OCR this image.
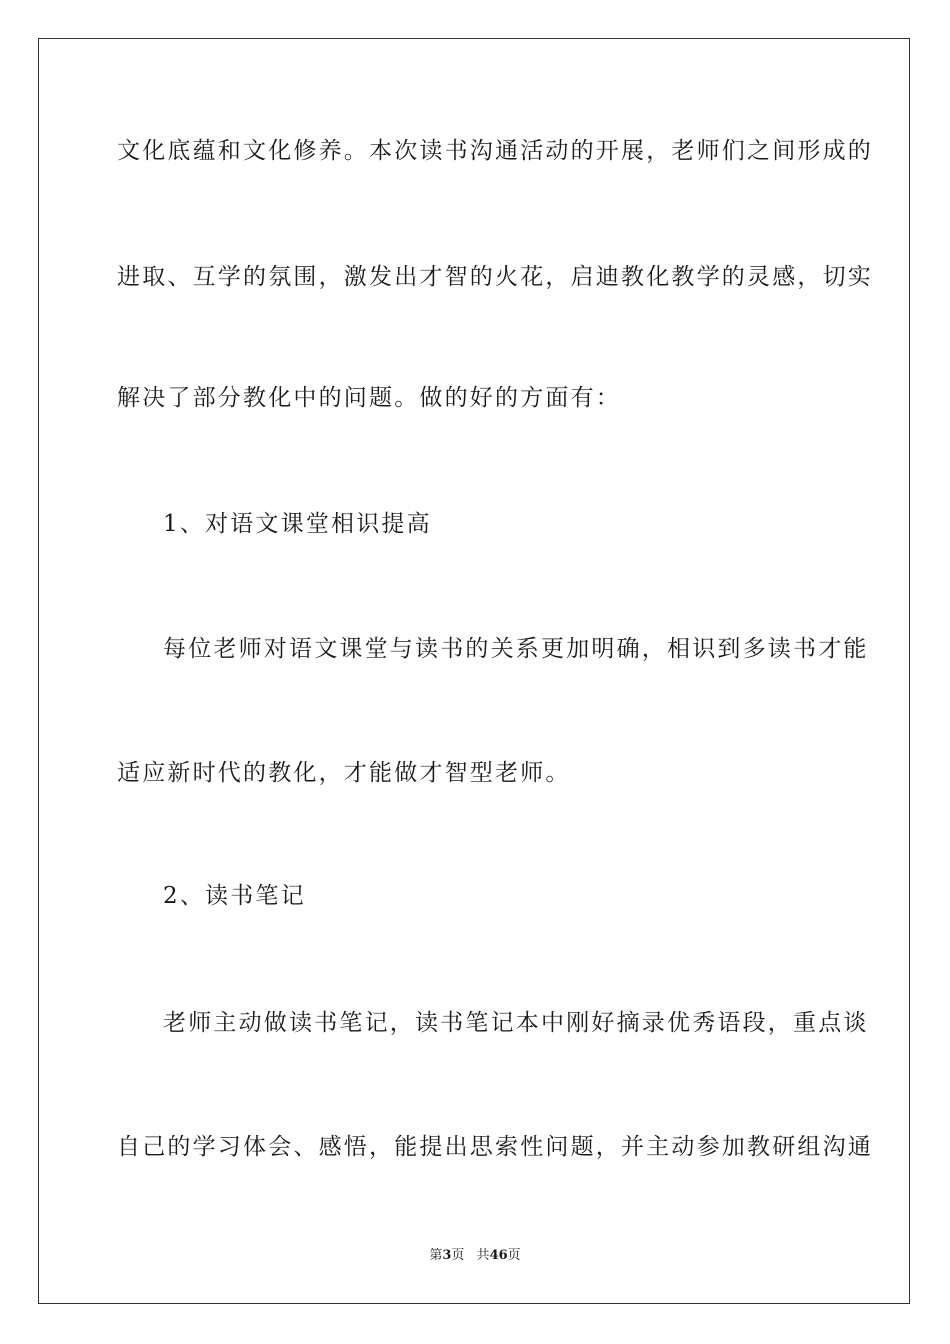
文化底蕴和文化修养。本次读书沟通活动的开展，老师们之间形成的
进取、互学的氛围，激发出才智的火花，启迪教化教学的灵感，切实
解决了部分教化中的问题。做的好的方面有：
1、对语文课堂相识提高
每位老师对语文课堂与读书的关系更加明确，相识到多读书才能
适应新时代的教化，才能做才智型老师。
2、读书笔记
老师主动做读书笔记，读书笔记本中刚好摘录优秀语段，重点谈
自己的学习体会、感悟，能提出思索性问题，并主动参加教研组沟通
第3页 共46页
